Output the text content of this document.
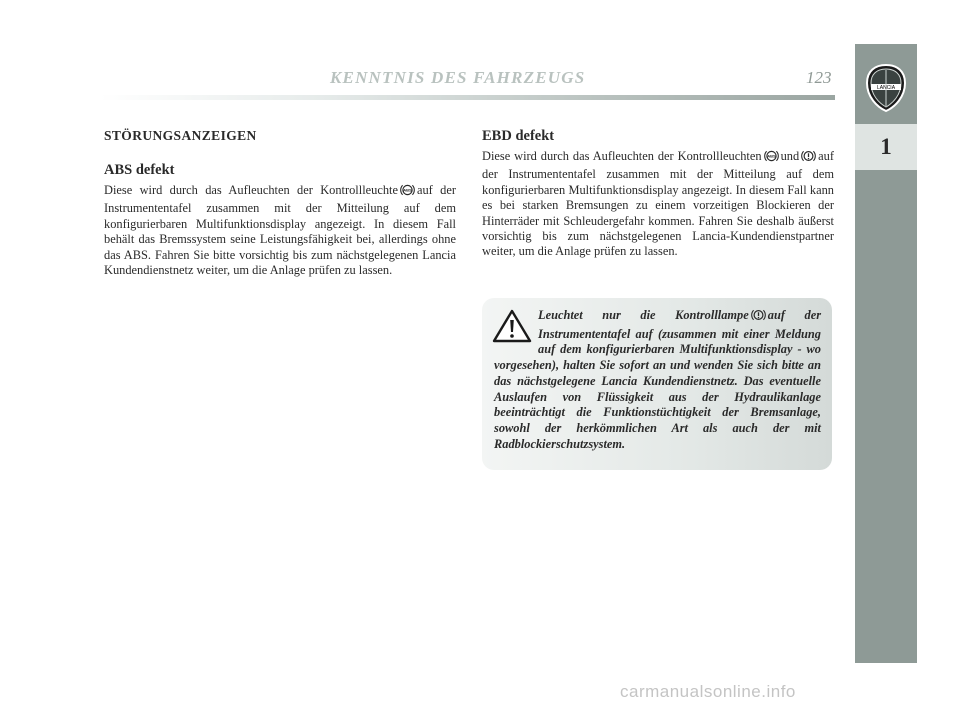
KENNTNIS DES FAHRZEUGS	123
LANCIA
1

STÖRUNGSANZEIGEN

ABS defekt

Diese wird durch das Aufleuchten der Kontrollleuchte ABS auf der Instrumententafel zusammen mit der Mitteilung auf dem konfigurierbaren Multifunktionsdisplay angezeigt. In diesem Fall behält das Bremssystem seine Leistungsfähigkeit bei, allerdings ohne das ABS. Fahren Sie bitte vorsichtig bis zum nächstgelegenen Lancia Kundendienstnetz weiter, um die Anlage prüfen zu lassen.

EBD defekt

Diese wird durch das Aufleuchten der Kontrollleuchten ABS und auf der Instrumententafel zusammen mit der Mitteilung auf dem konfigurierbaren Multifunktionsdisplay angezeigt. In diesem Fall kann es bei starken Bremsungen zu einem vorzeitigen Blockieren der Hinterräder mit Schleudergefahr kommen. Fahren Sie deshalb äußerst vorsichtig bis zum nächstgelegenen Lancia-Kundendienstpartner weiter, um die Anlage prüfen zu lassen.

Leuchtet nur die Kontrolllampe auf der Instrumententafel auf (zusammen mit einer Meldung auf dem konfigurierbaren Multifunktionsdisplay - wo vorgesehen), halten Sie sofort an und wenden Sie sich bitte an das nächstgelegene Lancia Kundendienstnetz. Das eventuelle Auslaufen von Flüssigkeit aus der Hydraulikanlage beeinträchtigt die Funktionstüchtigkeit der Bremsanlage, sowohl der herkömmlichen Art als auch der mit Radblockierschutzsystem.

carmanualsonline.info
